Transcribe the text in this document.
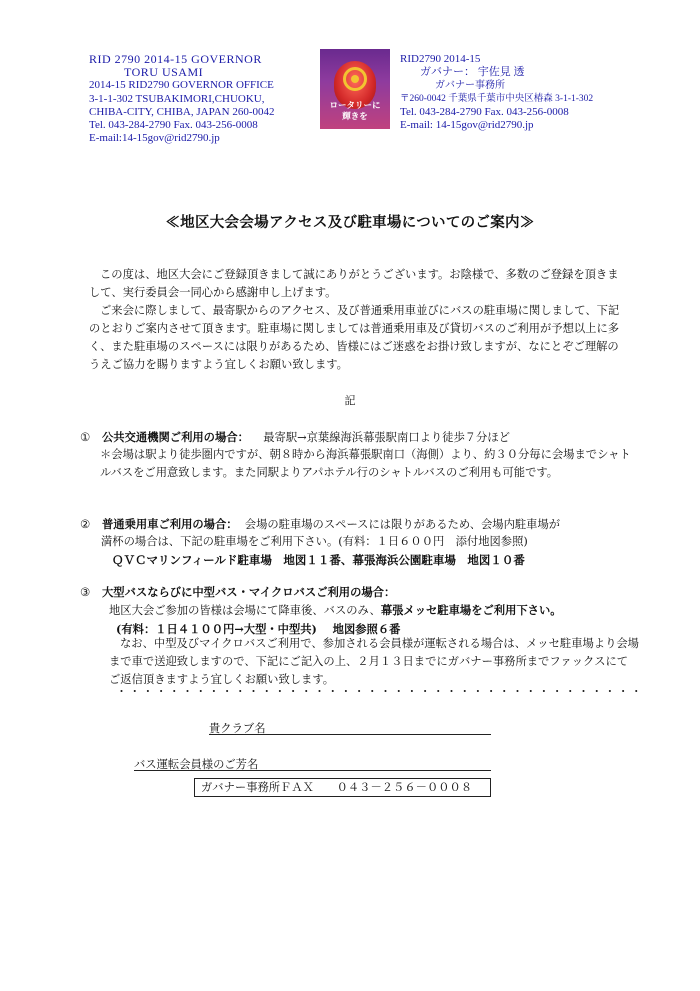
RID 2790 2014-15 GOVERNOR
TORU USAMI
2014-15 RID2790 GOVERNOR OFFICE
3-1-1-302 TSUBAKIMORI,CHUOKU,
CHIBA-CITY, CHIBA, JAPAN 260-0042
Tel. 043-284-2790 Fax. 043-256-0008
E-mail:14-15gov@rid2790.jp
ロータリーに
輝きを
RID2790 2014-15
ガバナー： 宇佐見 透
ガバナー事務所
〒260-0042 千葉県千葉市中央区椿森 3-1-1-302
Tel. 043-284-2790 Fax. 043-256-0008
E-mail: 14-15gov@rid2790.jp
≪地区大会会場アクセス及び駐車場についてのご案内≫
この度は、地区大会にご登録頂きまして誠にありがとうございます。お陰様で、多数のご登録を頂きまして、実行委員会一同心から感謝申し上げます。
ご来会に際しまして、最寄駅からのアクセス、及び普通乗用車並びにバスの駐車場に関しまして、下記のとおりご案内させて頂きます。駐車場に関しましては普通乗用車及び貸切バスのご利用が予想以上に多く、また駐車場のスペースには限りがあるため、皆様にはご迷惑をお掛け致しますが、なにとぞご理解のうえご協力を賜りますよう宜しくお願い致します。
記
① 公共交通機関ご利用の場合： 最寄駅→京葉線海浜幕張駅南口より徒歩７分ほど
＊会場は駅より徒歩圏内ですが、朝８時から海浜幕張駅南口（海側）より、約３０分毎に会場までシャトルバスをご用意致します。また同駅よりアパホテル行のシャトルバスのご利用も可能です。
② 普通乗用車ご利用の場合： 会場の駐車場のスペースには限りがあるため、会場内駐車場が
満杯の場合は、下記の駐車場をご利用下さい。(有料：１日６００円　添付地図参照)
ＱＶＣマリンフィールド駐車場　地図１１番、幕張海浜公園駐車場　地図１０番
③ 大型バスならびに中型バス・マイクロバスご利用の場合：
地区大会ご参加の皆様は会場にて降車後、バスのみ、幕張メッセ駐車場をご利用下さい。
(有料：１日４１００円→大型・中型共) 地図参照６番
なお、中型及びマイクロバスご利用で、参加される会員様が運転される場合は、メッセ駐車場より会場まで車で送迎致しますので、下記にご記入の上、２月１３日までにガバナー事務所までファックスにてご返信頂きますよう宜しくお願い致します。
・・・・・・・・・・・・・・・・・・・・・・・・・・・・・・・・・・・・・・・・
貴クラブ名
バス運転会員様のご芳名
ガバナー事務所ＦＡＸ　　０４３－２５６－０００８
